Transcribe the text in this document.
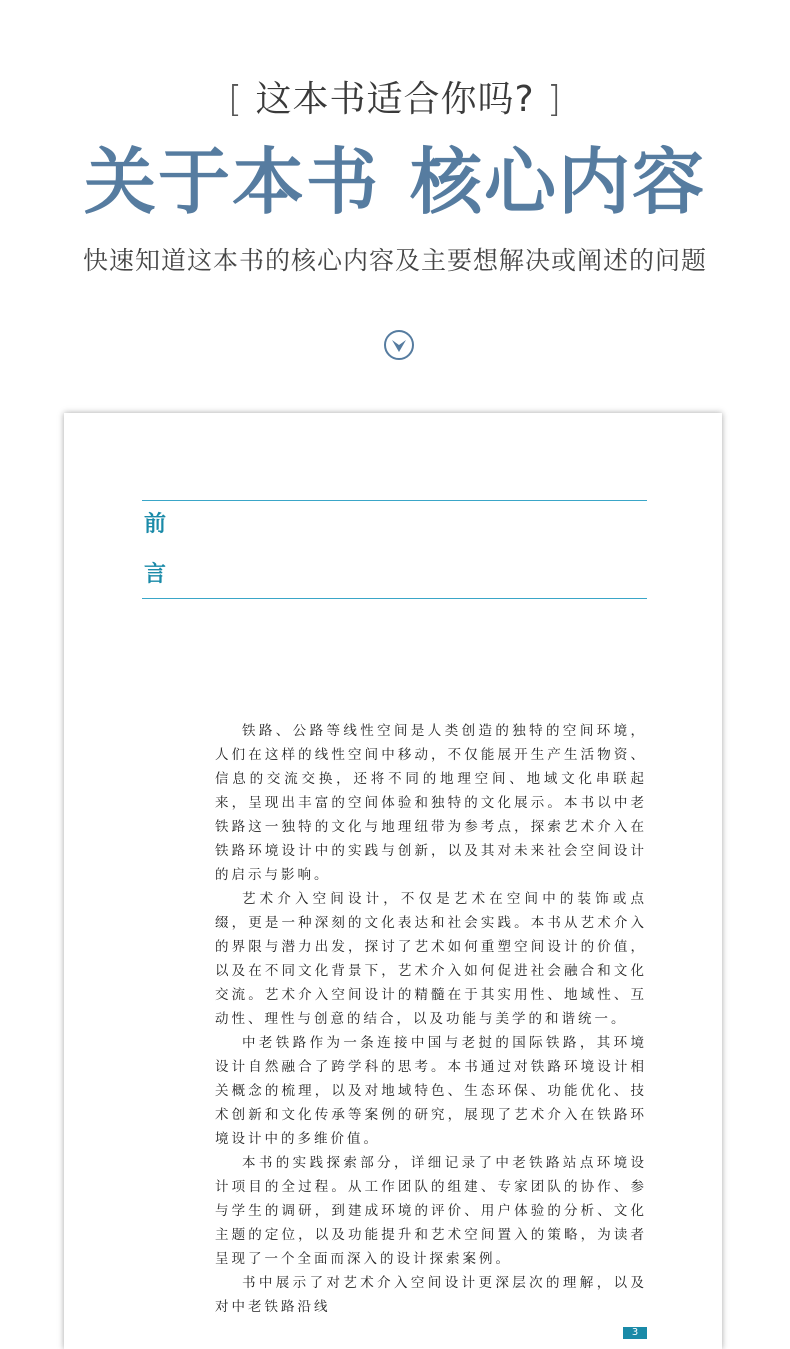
[ 这本书适合你吗? ]
关于本书 核心内容
快速知道这本书的核心内容及主要想解决或阐述的问题
前
言

铁路、公路等线性空间是人类创造的独特的空间环境，人们在这样的线性空间中移动，不仅能展开生产生活物资、信息的交流交换，还将不同的地理空间、地域文化串联起来，呈现出丰富的空间体验和独特的文化展示。本书以中老铁路这一独特的文化与地理纽带为参考点，探索艺术介入在铁路环境设计中的实践与创新，以及其对未来社会空间设计的启示与影响。

艺术介入空间设计，不仅是艺术在空间中的装饰或点缀，更是一种深刻的文化表达和社会实践。本书从艺术介入的界限与潜力出发，探讨了艺术如何重塑空间设计的价值，以及在不同文化背景下，艺术介入如何促进社会融合和文化交流。艺术介入空间设计的精髓在于其实用性、地域性、互动性、理性与创意的结合，以及功能与美学的和谐统一。

中老铁路作为一条连接中国与老挝的国际铁路，其环境设计自然融合了跨学科的思考。本书通过对铁路环境设计相关概念的梳理，以及对地域特色、生态环保、功能优化、技术创新和文化传承等案例的研究，展现了艺术介入在铁路环境设计中的多维价值。

本书的实践探索部分，详细记录了中老铁路站点环境设计项目的全过程。从工作团队的组建、专家团队的协作、参与学生的调研，到建成环境的评价、用户体验的分析、文化主题的定位，以及功能提升和艺术空间置入的策略，为读者呈现了一个全面而深入的设计探索案例。

书中展示了对艺术介入空间设计更深层次的理解，以及对中老铁路沿线

3
